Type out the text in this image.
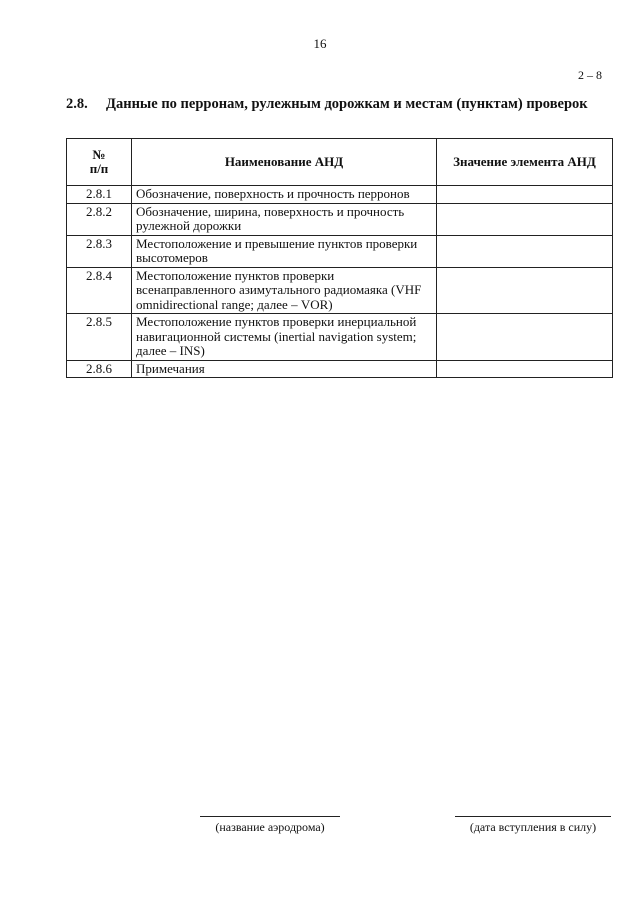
16
2 – 8
2.8. Данные по перронам, рулежным дорожкам и местам (пунктам) проверок
№
п/п	Наименование АНД	Значение элемента АНД
2.8.1	Обозначение, поверхность и прочность перронов	
2.8.2	Обозначение, ширина, поверхность и прочность рулежной дорожки	
2.8.3	Местоположение и превышение пунктов проверки высотомеров	
2.8.4	Местоположение пунктов проверки всенаправленного азимутального радиомаяка (VHF omnidirectional range; далее – VOR)	
2.8.5	Местоположение пунктов проверки инерциальной навигационной системы (inertial navigation system; далее – INS)	
2.8.6	Примечания	
(название аэродрома)	(дата вступления в силу)
